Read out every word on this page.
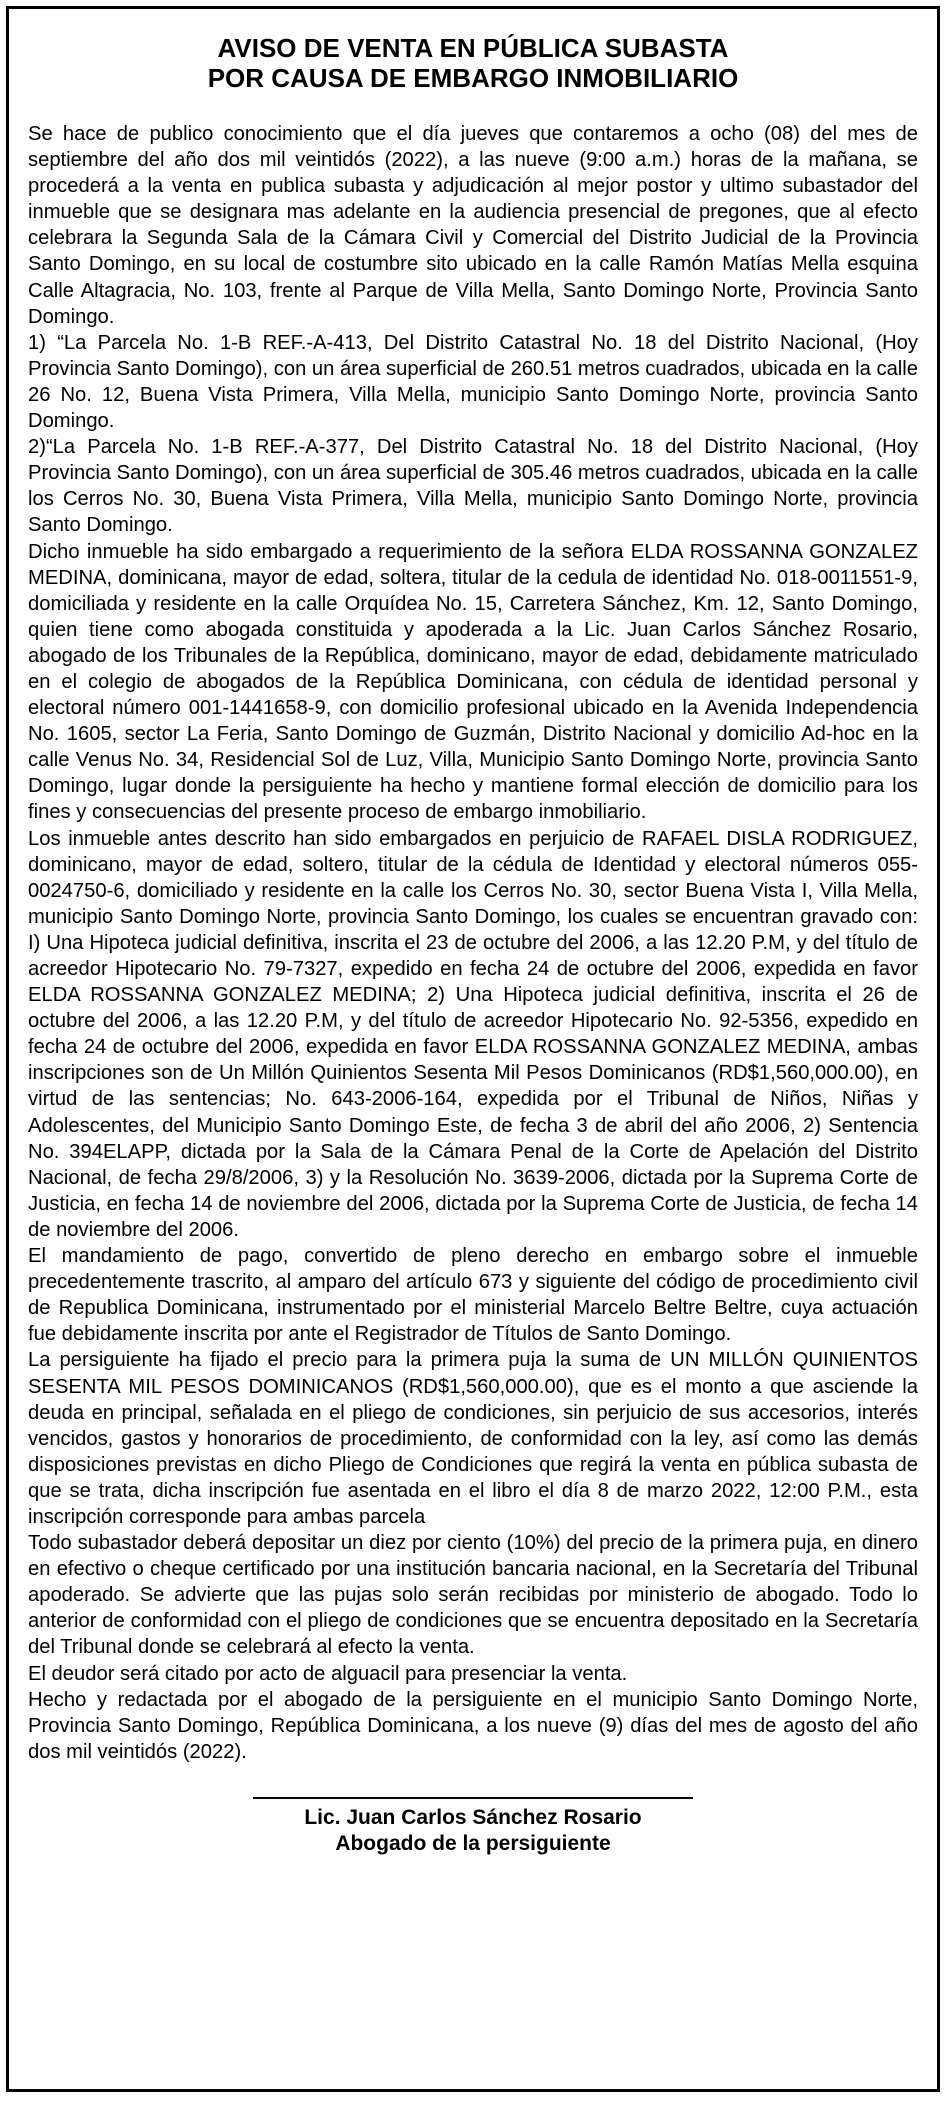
AVISO DE VENTA EN PÚBLICA SUBASTA
POR CAUSA DE EMBARGO INMOBILIARIO

Se hace de publico conocimiento que el día jueves que contaremos a ocho (08) del mes de septiembre del año dos mil veintidós (2022), a las nueve (9:00 a.m.) horas de la mañana, se procederá a la venta en publica subasta y adjudicación al mejor postor y ultimo subastador del inmueble que se designara mas adelante en la audiencia presencial de pregones, que al efecto celebrara la Segunda Sala de la Cámara Civil y Comercial del Distrito Judicial de la Provincia Santo Domingo, en su local de costumbre sito ubicado en la calle Ramón Matías Mella esquina Calle Altagracia, No. 103, frente al Parque de Villa Mella, Santo Domingo Norte, Provincia Santo Domingo.

1) “La Parcela No. 1-B REF.-A-413, Del Distrito Catastral No. 18 del Distrito Nacional, (Hoy Provincia Santo Domingo), con un área superficial de 260.51 metros cuadrados, ubicada en la calle 26 No. 12, Buena Vista Primera, Villa Mella, municipio Santo Domingo Norte, provincia Santo Domingo.

2)“La Parcela No. 1-B REF.-A-377, Del Distrito Catastral No. 18 del Distrito Nacional, (Hoy Provincia Santo Domingo), con un área superficial de 305.46 metros cuadrados, ubicada en la calle los Cerros No. 30, Buena Vista Primera, Villa Mella, municipio Santo Domingo Norte, provincia Santo Domingo.

Dicho inmueble ha sido embargado a requerimiento de la señora ELDA ROSSANNA GONZALEZ MEDINA, dominicana, mayor de edad, soltera, titular de la cedula de identidad No. 018-0011551-9, domiciliada y residente en la calle Orquídea No. 15, Carretera Sánchez, Km. 12, Santo Domingo, quien tiene como abogada constituida y apoderada a la Lic. Juan Carlos Sánchez Rosario, abogado de los Tribunales de la República, dominicano, mayor de edad, debidamente matriculado en el colegio de abogados de la República Dominicana, con cédula de identidad personal y electoral número 001-1441658-9, con domicilio profesional ubicado en la Avenida Independencia No. 1605, sector La Feria, Santo Domingo de Guzmán, Distrito Nacional y domicilio Ad-hoc en la calle Venus No. 34, Residencial Sol de Luz, Villa, Municipio Santo Domingo Norte, provincia Santo Domingo, lugar donde la persiguiente ha hecho y mantiene formal elección de domicilio para los fines y consecuencias del presente proceso de embargo inmobiliario.

Los inmueble antes descrito han sido embargados en perjuicio de RAFAEL DISLA RODRIGUEZ, dominicano, mayor de edad, soltero, titular de la cédula de Identidad y electoral números 055-0024750-6, domiciliado y residente en la calle los Cerros No. 30, sector Buena Vista I, Villa Mella, municipio Santo Domingo Norte, provincia Santo Domingo, los cuales se encuentran gravado con: I) Una Hipoteca judicial definitiva, inscrita el 23 de octubre del 2006, a las 12.20 P.M, y del título de acreedor Hipotecario No. 79-7327, expedido en fecha 24 de octubre del 2006, expedida en favor ELDA ROSSANNA GONZALEZ MEDINA; 2) Una Hipoteca judicial definitiva, inscrita el 26 de octubre del 2006, a las 12.20 P.M, y del título de acreedor Hipotecario No. 92-5356, expedido en fecha 24 de octubre del 2006, expedida en favor ELDA ROSSANNA GONZALEZ MEDINA, ambas inscripciones son de Un Millón Quinientos Sesenta Mil Pesos Dominicanos (RD$1,560,000.00), en virtud de las sentencias; No. 643-2006-164, expedida por el Tribunal de Niños, Niñas y Adolescentes, del Municipio Santo Domingo Este, de fecha 3 de abril del año 2006, 2) Sentencia No. 394ELAPP, dictada por la Sala de la Cámara Penal de la Corte de Apelación del Distrito Nacional, de fecha 29/8/2006, 3) y la Resolución No. 3639-2006, dictada por la Suprema Corte de Justicia, en fecha 14 de noviembre del 2006, dictada por la Suprema Corte de Justicia, de fecha 14 de noviembre del 2006.

El mandamiento de pago, convertido de pleno derecho en embargo sobre el inmueble precedentemente trascrito, al amparo del artículo 673 y siguiente del código de procedimiento civil de Republica Dominicana, instrumentado por el ministerial Marcelo Beltre Beltre, cuya actuación fue debidamente inscrita por ante el Registrador de Títulos de Santo Domingo.

La persiguiente ha fijado el precio para la primera puja la suma de UN MILLÓN QUINIENTOS SESENTA MIL PESOS DOMINICANOS (RD$1,560,000.00), que es el monto a que asciende la deuda en principal, señalada en el pliego de condiciones, sin perjuicio de sus accesorios, interés vencidos, gastos y honorarios de procedimiento, de conformidad con la ley, así como las demás disposiciones previstas en dicho Pliego de Condiciones que regirá la venta en pública subasta de que se trata, dicha inscripción fue asentada en el libro el día 8 de marzo 2022, 12:00 P.M., esta inscripción corresponde para ambas parcela

Todo subastador deberá depositar un diez por ciento (10%) del precio de la primera puja, en dinero en efectivo o cheque certificado por una institución bancaria nacional, en la Secretaría del Tribunal apoderado. Se advierte que las pujas solo serán recibidas por ministerio de abogado. Todo lo anterior de conformidad con el pliego de condiciones que se encuentra depositado en la Secretaría del Tribunal donde se celebrará al efecto la venta.

El deudor será citado por acto de alguacil para presenciar la venta.

Hecho y redactada por el abogado de la persiguiente en el municipio Santo Domingo Norte, Provincia Santo Domingo, República Dominicana, a los nueve (9) días del mes de agosto del año dos mil veintidós (2022).

Lic. Juan Carlos Sánchez Rosario
Abogado de la persiguiente
